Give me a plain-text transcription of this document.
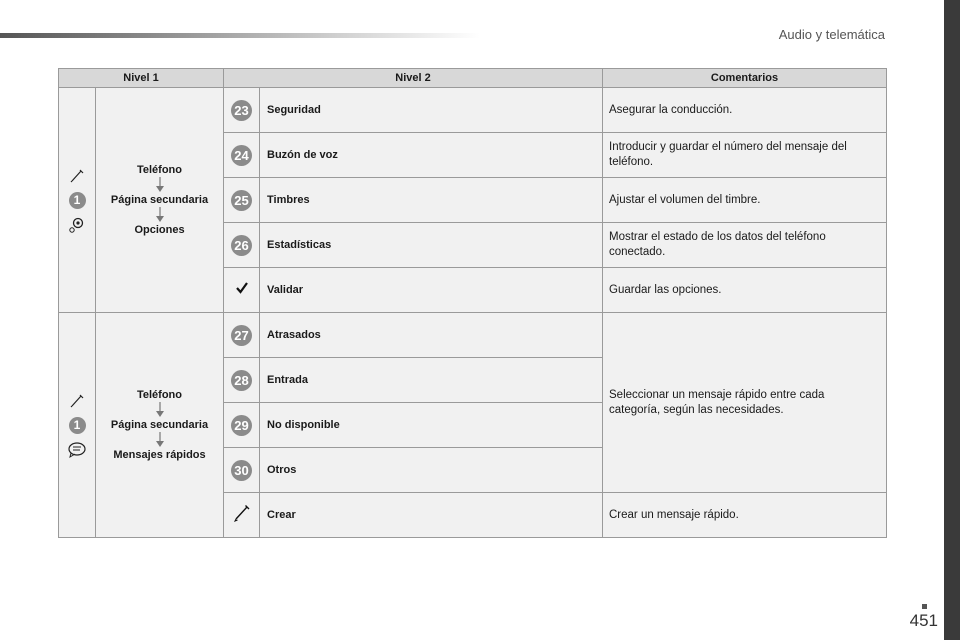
Audio y telemática
Nivel 1		Nivel 2		Comentarios

1	Teléfono
Página secundaria
Opciones	23	Seguridad	Asegurar la conducción.

24	Buzón de voz	Introducir y guardar el número del mensaje del teléfono.

25	Timbres	Ajustar el volumen del timbre.

26	Estadísticas	Mostrar el estado de los datos del teléfono conectado.
	Validar	Guardar las opciones.

1	Teléfono
Página secundaria
Mensajes rápidos	27	Atrasados	Seleccionar un mensaje rápido entre cada categoría, según las necesidades.

28	Entrada	

29	No disponible	

30	Otros	
	Crear	Crear un mensaje rápido.
451
